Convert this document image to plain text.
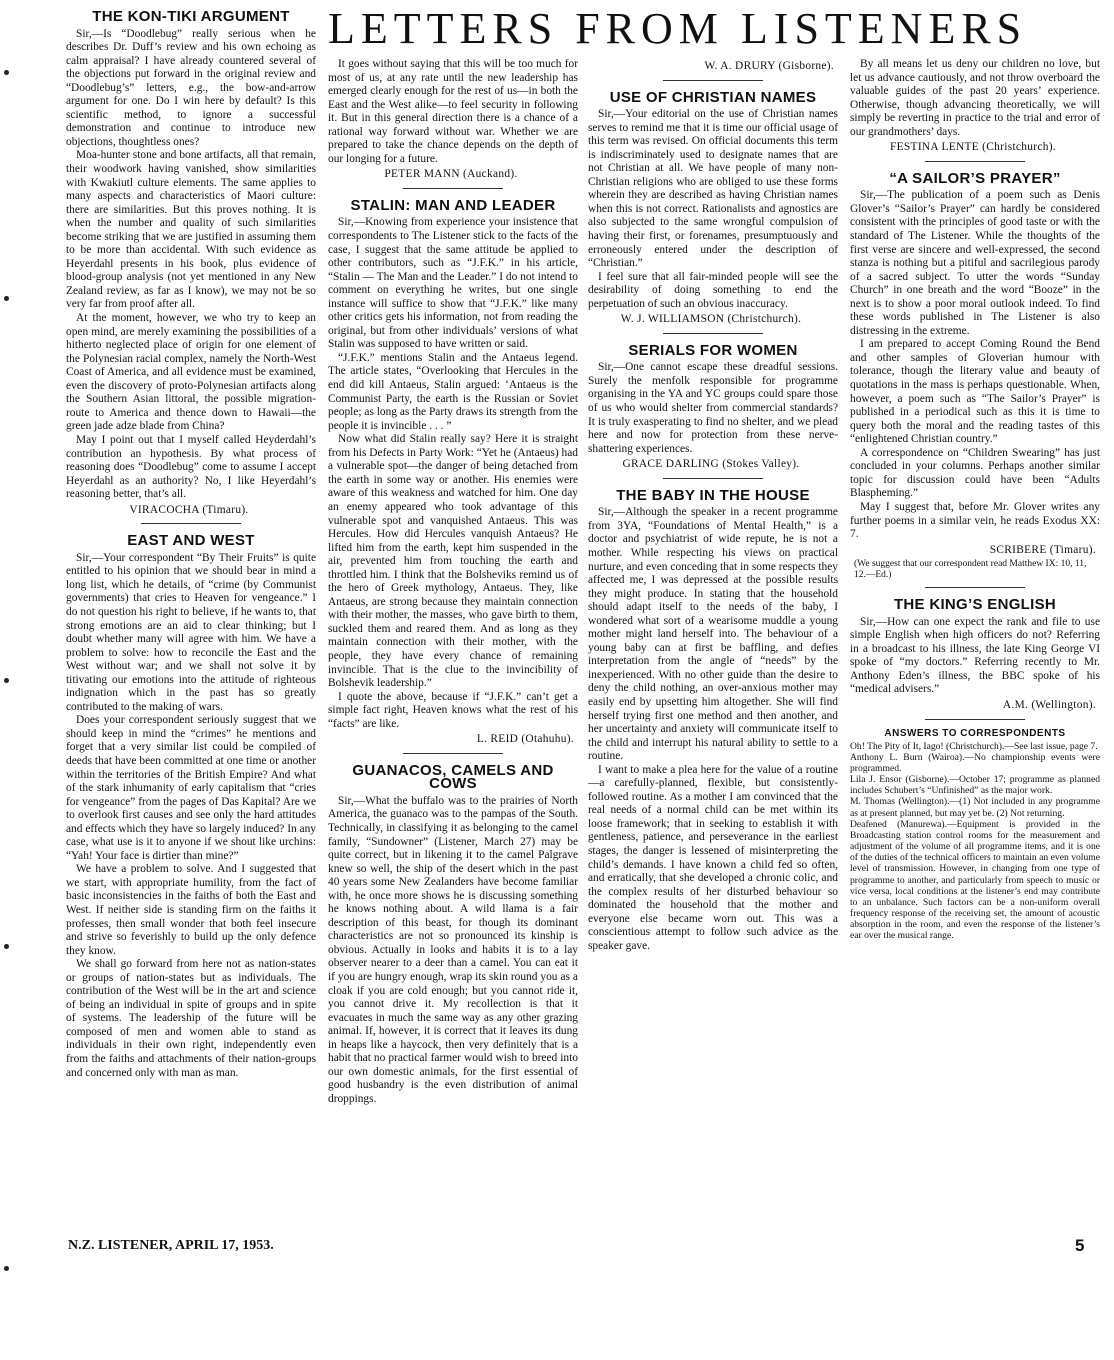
LETTERS FROM LISTENERS
THE KON-TIKI ARGUMENT

Sir,—Is “Doodlebug” really serious when he describes Dr. Duff’s review and his own echoing as calm appraisal? I have already countered several of the objections put forward in the original review and “Doodlebug’s” letters, e.g., the bow-and-arrow argument for one. Do I win here by default? Is this scientific method, to ignore a successful demonstration and continue to introduce new objections, thoughtless ones?

Moa-hunter stone and bone artifacts, all that remain, their woodwork having vanished, show similarities with Kwakiutl culture elements. The same applies to many aspects and characteristics of Maori culture: there are similarities. But this proves nothing. It is when the number and quality of such similarities become striking that we are justified in assuming them to be more than accidental. With such evidence as Heyerdahl presents in his book, plus evidence of blood-group analysis (not yet mentioned in any New Zealand review, as far as I know), we may not be so very far from proof after all.

At the moment, however, we who try to keep an open mind, are merely examining the possibilities of a hitherto neglected place of origin for one element of the Polynesian racial complex, namely the North-West Coast of America, and all evidence must be examined, even the discovery of proto-Polynesian artifacts along the Southern Asian littoral, the possible migration-route to America and thence down to Hawaii—the green jade adze blade from China?

May I point out that I myself called Heyderdahl’s contribution an hypothesis. By what process of reasoning does “Doodlebug” come to assume I accept Heyerdahl as an authority? No, I like Heyerdahl’s reasoning better, that’s all.

VIRACOCHA (Timaru).
EAST AND WEST

Sir,—Your correspondent “By Their Fruits” is quite entitled to his opinion that we should bear in mind a long list, which he details, of “crime (by Communist governments) that cries to Heaven for vengeance.” I do not question his right to believe, if he wants to, that strong emotions are an aid to clear thinking; but I doubt whether many will agree with him. We have a problem to solve: how to reconcile the East and the West without war; and we shall not solve it by titivating our emotions into the attitude of righteous indignation which in the past has so greatly contributed to the making of wars.

Does your correspondent seriously suggest that we should keep in mind the “crimes” he mentions and forget that a very similar list could be compiled of deeds that have been committed at one time or another within the territories of the British Empire? And what of the stark inhumanity of early capitalism that “cries for vengeance” from the pages of Das Kapital? Are we to overlook first causes and see only the hard attitudes and effects which they have so largely induced? In any case, what use is it to anyone if we shout like urchins: “Yah! Your face is dirtier than mine?”

We have a problem to solve. And I suggested that we start, with appropriate humility, from the fact of basic inconsistencies in the faiths of both the East and West. If neither side is standing firm on the faiths it professes, then small wonder that both feel insecure and strive so feverishly to build up the only defence they know.

We shall go forward from here not as nation-states or groups of nation-states but as individuals. The contribution of the West will be in the art and science of being an individual in spite of groups and in spite of systems. The leadership of the future will be composed of men and women able to stand as individuals in their own right, independently even from the faiths and attachments of their nation-groups and concerned only with man as man.

It goes without saying that this will be too much for most of us, at any rate until the new leadership has emerged clearly enough for the rest of us—in both the East and the West alike—to feel security in following it. But in this general direction there is a chance of a rational way forward without war. Whether we are prepared to take the chance depends on the depth of our longing for a future.

PETER MANN (Auckand).
STALIN: MAN AND LEADER

Sir,—Knowing from experience your insistence that correspondents to The Listener stick to the facts of the case, I suggest that the same attitude be applied to other contributors, such as “J.F.K.” in his article, “Stalin — The Man and the Leader.” I do not intend to comment on everything he writes, but one single instance will suffice to show that “J.F.K.” like many other critics gets his information, not from reading the original, but from other individuals’ versions of what Stalin was supposed to have written or said.

“J.F.K.” mentions Stalin and the Antaeus legend. The article states, “Overlooking that Hercules in the end did kill Antaeus, Stalin argued: ‘Antaeus is the Communist Party, the earth is the Russian or Soviet people; as long as the Party draws its strength from the people it is invincible . . . ”

Now what did Stalin really say? Here it is straight from his Defects in Party Work: “Yet he (Antaeus) had a vulnerable spot—the danger of being detached from the earth in some way or another. His enemies were aware of this weakness and watched for him. One day an enemy appeared who took advantage of this vulnerable spot and vanquished Antaeus. This was Hercules. How did Hercules vanquish Antaeus? He lifted him from the earth, kept him suspended in the air, prevented him from touching the earth and throttled him. I think that the Bolsheviks remind us of the hero of Greek mythology, Antaeus. They, like Antaeus, are strong because they maintain connection with their mother, the masses, who gave birth to them, suckled them and reared them. And as long as they maintain connection with their mother, with the people, they have every chance of remaining invincible. That is the clue to the invincibility of Bolshevik leadership.”

I quote the above, because if “J.F.K.” can’t get a simple fact right, Heaven knows what the rest of his “facts” are like.

L. REID (Otahuhu).
GUANACOS, CAMELS AND COWS

Sir,—What the buffalo was to the prairies of North America, the guanaco was to the pampas of the South. Technically, in classifying it as belonging to the camel family, “Sundowner” (Listener, March 27) may be quite correct, but in likening it to the camel Palgrave knew so well, the ship of the desert which in the past 40 years some New Zealanders have become familiar with, he once more shows he is discussing something he knows nothing about. A wild llama is a fair description of this beast, for though its dominant characteristics are not so pronounced its kinship is obvious. Actually in looks and habits it is to a lay observer nearer to a deer than a camel. You can eat it if you are hungry enough, wrap its skin round you as a cloak if you are cold enough; but you cannot ride it, you cannot drive it. My recollection is that it evacuates in much the same way as any other grazing animal. If, however, it is correct that it leaves its dung in heaps like a haycock, then very definitely that is a habit that no practical farmer would wish to breed into our own domestic animals, for the first essential of good husbandry is the even distribution of animal droppings.

W. A. DRURY (Gisborne).
USE OF CHRISTIAN NAMES

Sir,—Your editorial on the use of Christian names serves to remind me that it is time our official usage of this term was revised. On official documents this term is indiscriminately used to designate names that are not Christian at all. We have people of many non-Christian religions who are obliged to use these forms wherein they are described as having Christian names when this is not correct. Rationalists and agnostics are also subjected to the same wrongful compulsion of having their first, or forenames, presumptuously and erroneously entered under the description of “Christian.”

I feel sure that all fair-minded people will see the desirability of doing something to end the perpetuation of such an obvious inaccuracy.

W. J. WILLIAMSON (Christchurch).
SERIALS FOR WOMEN

Sir,—One cannot escape these dreadful sessions. Surely the menfolk responsible for programme organising in the YA and YC groups could spare those of us who would shelter from commercial standards? It is truly exasperating to find no shelter, and we plead here and now for protection from these nerve-shattering experiences.

GRACE DARLING (Stokes Valley).
THE BABY IN THE HOUSE

Sir,—Although the speaker in a recent programme from 3YA, “Foundations of Mental Health,” is a doctor and psychiatrist of wide repute, he is not a mother. While respecting his views on practical nurture, and even conceding that in some respects they affected me, I was depressed at the possible results they might produce. In stating that the household should adapt itself to the needs of the baby, I wondered what sort of a wearisome muddle a young mother might land herself into. The behaviour of a young baby can at first be baffling, and defies interpretation from the angle of “needs” by the inexperienced. With no other guide than the desire to deny the child nothing, an over-anxious mother may easily end by upsetting him altogether. She will find herself trying first one method and then another, and her uncertainty and anxiety will communicate itself to the child and interrupt his natural ability to settle to a routine.

I want to make a plea here for the value of a routine—a carefully-planned, flexible, but consistently-followed routine. As a mother I am convinced that the real needs of a normal child can be met within its loose framework; that in seeking to establish it with gentleness, patience, and perseverance in the earliest stages, the danger is lessened of misinterpreting the child’s demands. I have known a child fed so often, and erratically, that she developed a chronic colic, and the complex results of her disturbed behaviour so dominated the household that the mother and everyone else became worn out. This was a conscientious attempt to follow such advice as the speaker gave.

By all means let us deny our children no love, but let us advance cautiously, and not throw overboard the valuable guides of the past 20 years’ experience. Otherwise, though advancing theoretically, we will simply be reverting in practice to the trial and error of our grandmothers’ days.

FESTINA LENTE (Christchurch).
“A SAILOR’S PRAYER”

Sir,—The publication of a poem such as Denis Glover’s “Sailor’s Prayer” can hardly be considered consistent with the principles of good taste or with the standard of The Listener. While the thoughts of the first verse are sincere and well-expressed, the second stanza is nothing but a pitiful and sacrilegious parody of a sacred subject. To utter the words “Sunday Church” in one breath and the word “Booze” in the next is to show a poor moral outlook indeed. To find these words published in The Listener is also distressing in the extreme.

I am prepared to accept Coming Round the Bend and other samples of Gloverian humour with tolerance, though the literary value and beauty of quotations in the mass is perhaps questionable. When, however, a poem such as “The Sailor’s Prayer” is published in a periodical such as this it is time to query both the moral and the reading tastes of this “enlightened Christian country.”

A correspondence on “Children Swearing” has just concluded in your columns. Perhaps another similar topic for discussion could have been “Adults Blaspheming.”

May I suggest that, before Mr. Glover writes any further poems in a similar vein, he reads Exodus XX: 7.

SCRIBERE (Timaru).
(We suggest that our correspondent read Matthew IX: 10, 11, 12.—Ed.)
THE KING’S ENGLISH

Sir,—How can one expect the rank and file to use simple English when high officers do not? Referring in a broadcast to his illness, the late King George VI spoke of “my doctors.” Referring recently to Mr. Anthony Eden’s illness, the BBC spoke of his “medical advisers.”

A.M. (Wellington).
ANSWERS TO CORRESPONDENTS

Oh! The Pity of It, Iago! (Christchurch).—See last issue, page 7.

Anthony L. Burn (Wairoa).—No championship events were programmed.

Lila J. Ensor (Gisborne).—October 17; programme as planned includes Schubert’s “Unfinished” as the major work.

M. Thomas (Wellington).—(1) Not included in any programme as at present planned, but may yet be. (2) Not returning.

Deafened (Manurewa).—Equipment is provided in the Broadcasting station control rooms for the measurement and adjustment of the volume of all programme items, and it is one of the duties of the technical officers to maintain an even volume level of transmission. However, in changing from one type of programme to another, and particularly from speech to music or vice versa, local conditions at the listener’s end may contribute to an unbalance. Such factors can be a non-uniform overall frequency response of the receiving set, the amount of acoustic absorption in the room, and even the response of the listener’s ear over the musical range.

N.Z. LISTENER, APRIL 17, 1953.	5
